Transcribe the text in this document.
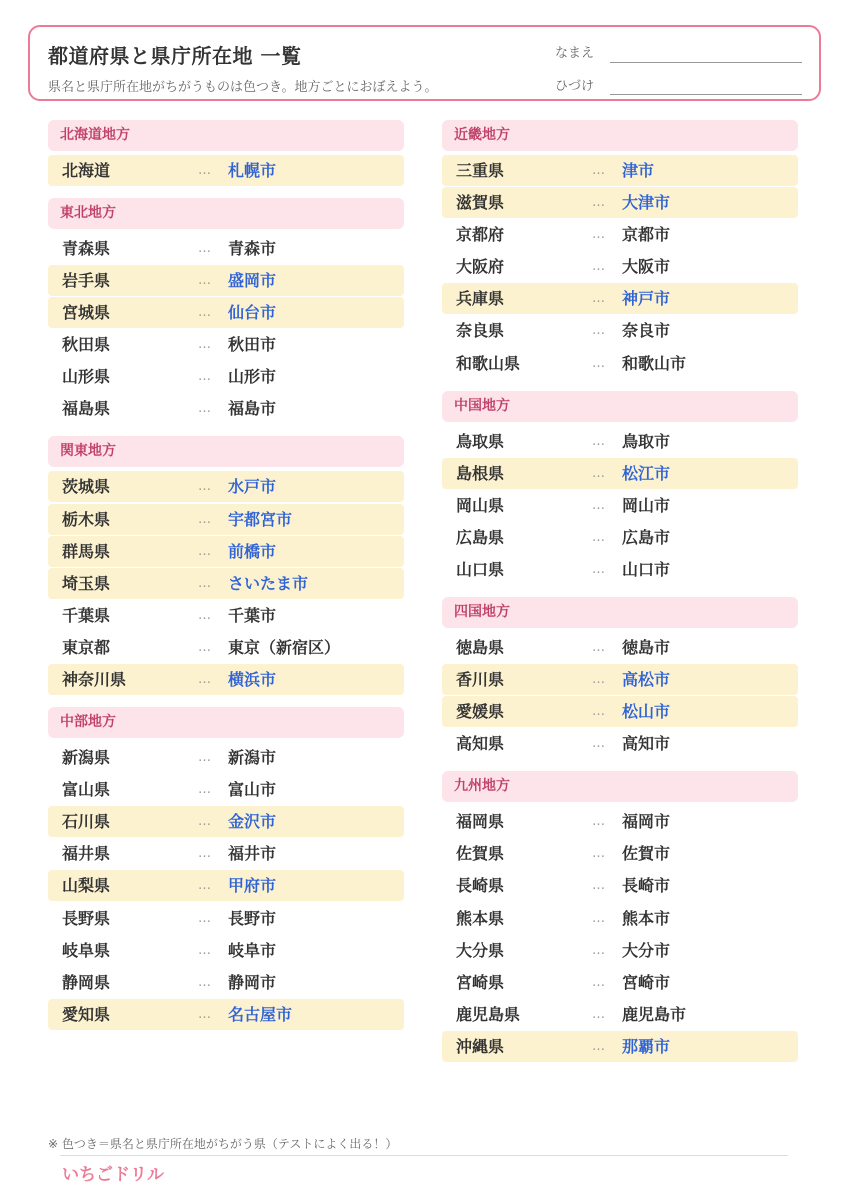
都道府県と県庁所在地 一覧
県名と県庁所在地がちがうものは色つき。地方ごとにおぼえよう。
なまえ
ひづけ
北海道地方
北海道	… 札幌市
東北地方
青森県	… 青森市
岩手県	… 盛岡市
宮城県	… 仙台市
秋田県	… 秋田市
山形県	… 山形市
福島県	… 福島市
関東地方
茨城県	… 水戸市
栃木県	… 宇都宮市
群馬県	… 前橋市
埼玉県	… さいたま市
千葉県	… 千葉市
東京都	… 東京（新宿区）
神奈川県	… 横浜市
中部地方
新潟県	… 新潟市
富山県	… 富山市
石川県	… 金沢市
福井県	… 福井市
山梨県	… 甲府市
長野県	… 長野市
岐阜県	… 岐阜市
静岡県	… 静岡市
愛知県	… 名古屋市
近畿地方
三重県	… 津市
滋賀県	… 大津市
京都府	… 京都市
大阪府	… 大阪市
兵庫県	… 神戸市
奈良県	… 奈良市
和歌山県	… 和歌山市
中国地方
鳥取県	… 鳥取市
島根県	… 松江市
岡山県	… 岡山市
広島県	… 広島市
山口県	… 山口市
四国地方
徳島県	… 徳島市
香川県	… 高松市
愛媛県	… 松山市
高知県	… 高知市
九州地方
福岡県	… 福岡市
佐賀県	… 佐賀市
長崎県	… 長崎市
熊本県	… 熊本市
大分県	… 大分市
宮崎県	… 宮崎市
鹿児島県	… 鹿児島市
沖縄県	… 那覇市
※ 色つき＝県名と県庁所在地がちがう県（テストによく出る！）
いちごドリル
